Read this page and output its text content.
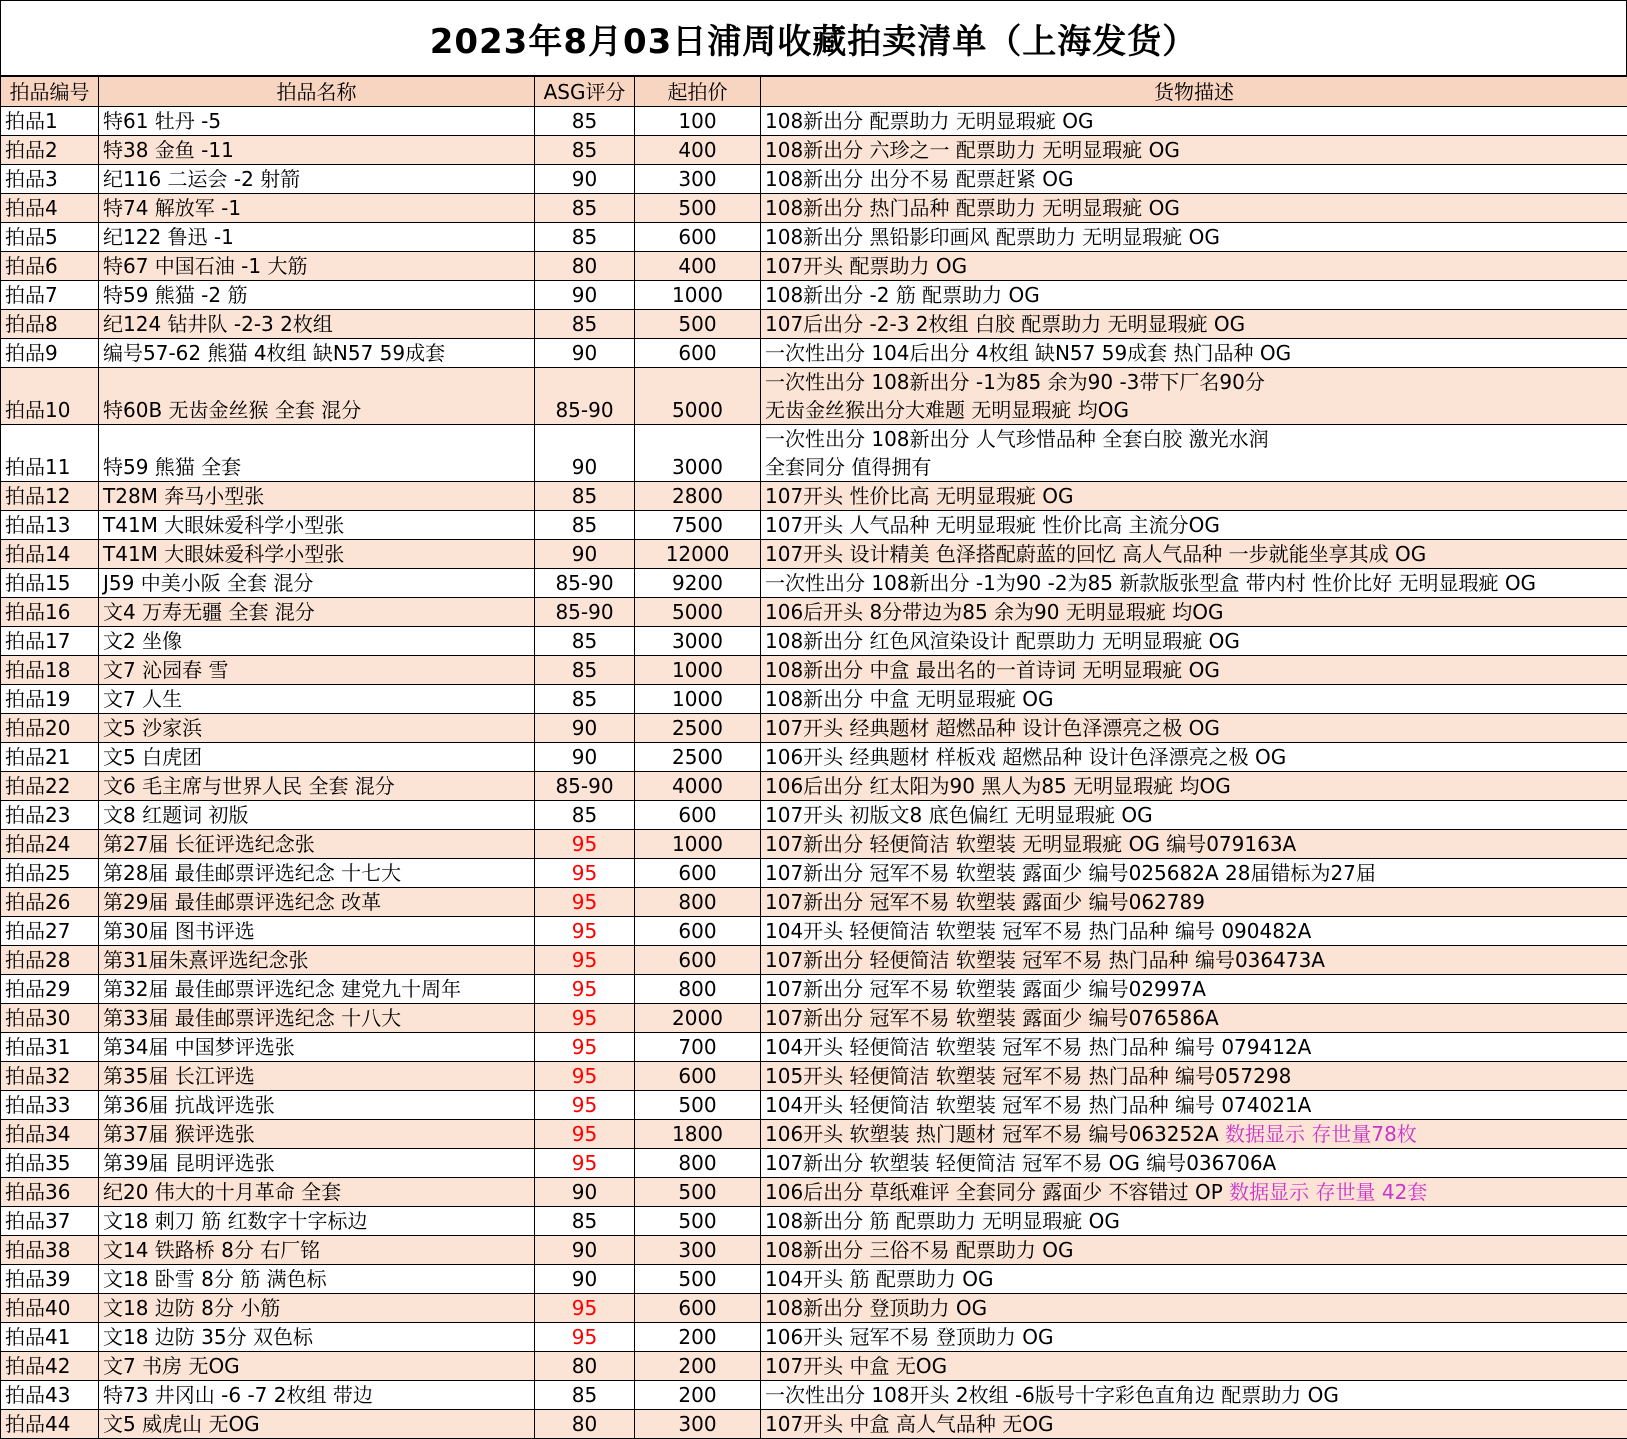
2023年8月03日浦周收藏拍卖清单（上海发货）
拍品编号	拍品名称	ASG评分	起拍价	货物描述
拍品1	特61 牡丹 -5	85	100	108新出分 配票助力 无明显瑕疵 OG
拍品2	特38 金鱼 -11	85	400	108新出分 六珍之一 配票助力 无明显瑕疵 OG
拍品3	纪116 二运会 -2 射箭	90	300	108新出分 出分不易 配票赶紧 OG
拍品4	特74 解放军 -1	85	500	108新出分 热门品种 配票助力 无明显瑕疵 OG
拍品5	纪122 鲁迅 -1	85	600	108新出分 黑铅影印画风 配票助力 无明显瑕疵 OG
拍品6	特67 中国石油 -1 大筋	80	400	107开头 配票助力 OG
拍品7	特59 熊猫 -2 筋	90	1000	108新出分 -2 筋 配票助力 OG
拍品8	纪124 钻井队 -2-3 2枚组	85	500	107后出分 -2-3 2枚组 白胶 配票助力 无明显瑕疵 OG
拍品9	编号57-62 熊猫 4枚组 缺N57 59成套	90	600	一次性出分 104后出分 4枚组 缺N57 59成套 热门品种 OG
拍品10	特60B 无齿金丝猴 全套 混分	85-90	5000	一次性出分 108新出分 -1为85 余为90 -3带下厂名90分
无齿金丝猴出分大难题 无明显瑕疵 均OG
拍品11	特59 熊猫 全套	90	3000	一次性出分 108新出分 人气珍惜品种 全套白胶 激光水润
全套同分 值得拥有
拍品12	T28M 奔马小型张	85	2800	107开头 性价比高 无明显瑕疵 OG
拍品13	T41M 大眼妹爱科学小型张	85	7500	107开头 人气品种 无明显瑕疵 性价比高 主流分OG
拍品14	T41M 大眼妹爱科学小型张	90	12000	107开头 设计精美 色泽搭配蔚蓝的回忆 高人气品种 一步就能坐享其成 OG
拍品15	J59 中美小阪 全套 混分	85-90	9200	一次性出分 108新出分 -1为90 -2为85 新款版张型盒 带内村 性价比好 无明显瑕疵 OG
拍品16	文4 万寿无疆 全套 混分	85-90	5000	106后开头 8分带边为85 余为90 无明显瑕疵 均OG
拍品17	文2 坐像	85	3000	108新出分 红色风渲染设计 配票助力 无明显瑕疵 OG
拍品18	文7 沁园春 雪	85	1000	108新出分 中盒 最出名的一首诗词 无明显瑕疵 OG
拍品19	文7 人生	85	1000	108新出分 中盒 无明显瑕疵 OG
拍品20	文5 沙家浜	90	2500	107开头 经典题材 超燃品种 设计色泽漂亮之极 OG
拍品21	文5 白虎团	90	2500	106开头 经典题材 样板戏 超燃品种 设计色泽漂亮之极 OG
拍品22	文6 毛主席与世界人民 全套 混分	85-90	4000	106后出分 红太阳为90 黑人为85 无明显瑕疵 均OG
拍品23	文8 红题词 初版	85	600	107开头 初版文8 底色偏红 无明显瑕疵 OG
拍品24	第27届 长征评选纪念张	95	1000	107新出分 轻便简洁 软塑装 无明显瑕疵 OG 编号079163A
拍品25	第28届 最佳邮票评选纪念 十七大	95	600	107新出分 冠军不易 软塑装 露面少 编号025682A 28届错标为27届
拍品26	第29届 最佳邮票评选纪念 改革	95	800	107新出分 冠军不易 软塑装 露面少 编号062789
拍品27	第30届 图书评选	95	600	104开头 轻便简洁 软塑装 冠军不易 热门品种 编号 090482A
拍品28	第31届朱熹评选纪念张	95	600	107新出分 轻便简洁 软塑装 冠军不易 热门品种 编号036473A
拍品29	第32届 最佳邮票评选纪念 建党九十周年	95	800	107新出分 冠军不易 软塑装 露面少 编号02997A
拍品30	第33届 最佳邮票评选纪念 十八大	95	2000	107新出分 冠军不易 软塑装 露面少 编号076586A
拍品31	第34届 中国梦评选张	95	700	104开头 轻便简洁 软塑装 冠军不易 热门品种 编号 079412A
拍品32	第35届 长江评选	95	600	105开头 轻便简洁 软塑装 冠军不易 热门品种 编号057298
拍品33	第36届 抗战评选张	95	500	104开头 轻便简洁 软塑装 冠军不易 热门品种 编号 074021A
拍品34	第37届 猴评选张	95	1800	106开头 软塑装 热门题材 冠军不易 编号063252A 数据显示 存世量78枚
拍品35	第39届 昆明评选张	95	800	107新出分 软塑装 轻便简洁 冠军不易 OG 编号036706A
拍品36	纪20 伟大的十月革命 全套	90	500	106后出分 草纸难评 全套同分 露面少 不容错过 OP 数据显示 存世量 42套
拍品37	文18 刺刀 筋 红数字十字标边	85	500	108新出分 筋 配票助力 无明显瑕疵 OG
拍品38	文14 铁路桥 8分 右厂铭	90	300	108新出分 三俗不易 配票助力 OG
拍品39	文18 卧雪 8分 筋 满色标	90	500	104开头 筋 配票助力 OG
拍品40	文18 边防 8分 小筋	95	600	108新出分 登顶助力 OG
拍品41	文18 边防 35分 双色标	95	200	106开头 冠军不易 登顶助力 OG
拍品42	文7 书房 无OG	80	200	107开头 中盒 无OG
拍品43	特73 井冈山 -6 -7 2枚组 带边	85	200	一次性出分 108开头 2枚组 -6版号十字彩色直角边 配票助力 OG
拍品44	文5 威虎山 无OG	80	300	107开头 中盒 高人气品种 无OG
